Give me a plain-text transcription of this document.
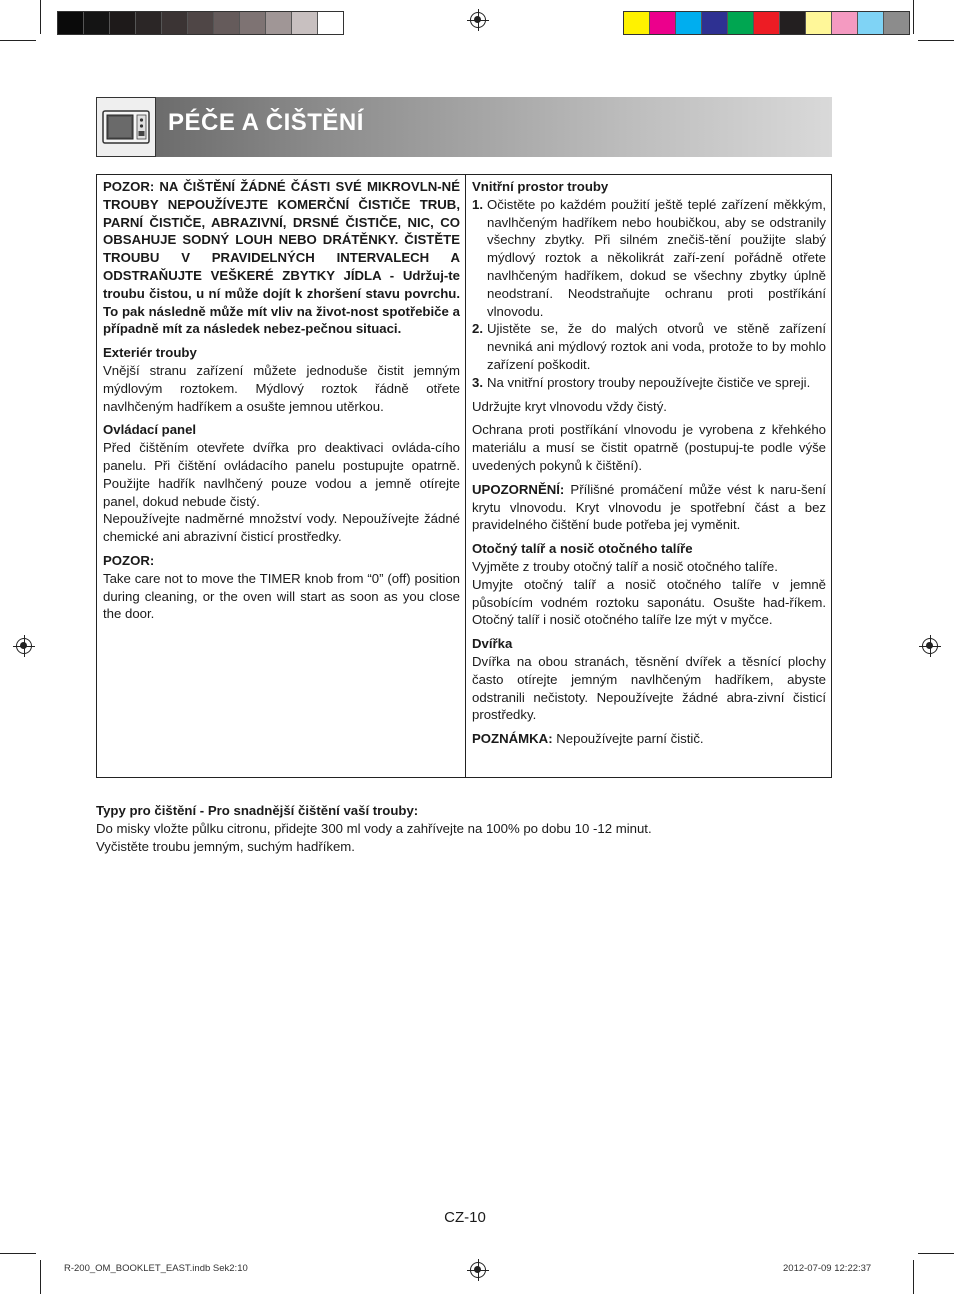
PÉČE A ČIŠTĚNÍ
POZOR: NA ČIŠTĚNÍ ŽÁDNÉ ČÁSTI SVÉ MIKROVLN-NÉ TROUBY NEPOUŽÍVEJTE KOMERČNÍ ČISTIČE TRUB, PARNÍ ČISTIČE, ABRAZIVNÍ, DRSNÉ ČISTIČE, NIC, CO OBSAHUJE SODNÝ LOUH NEBO DRÁTĚNKY. ČISTĚTE TROUBU V PRAVIDELNÝCH INTERVALECH A ODSTRAŇUJTE VEŠKERÉ ZBYTKY JÍDLA - Udržuj-te troubu čistou, u ní může dojít k zhoršení stavu povrchu. To pak následně může mít vliv na život-nost spotřebiče a případně mít za následek nebez-pečnou situaci.
Exteriér trouby
Vnější stranu zařízení můžete jednoduše čistit jemným mýdlovým roztokem. Mýdlový roztok řádně otřete navlhčeným hadříkem a osušte jemnou utěrkou.
Ovládací panel
Před čištěním otevřete dvířka pro deaktivaci ovláda-cího panelu. Při čištění ovládacího panelu postupujte opatrně. Použijte hadřík navlhčený pouze vodou a jemně otírejte panel, dokud nebude čistý.
Nepoužívejte nadměrné množství vody. Nepoužívejte žádné chemické ani abrazivní čisticí prostředky.
POZOR:
Take care not to move the TIMER knob from “0” (off) position during cleaning, or the oven will start as soon as you close the door.
Vnitřní prostor trouby
1. Očistěte po každém použití ještě teplé zařízení měkkým, navlhčeným hadříkem nebo houbičkou, aby se odstranily všechny zbytky. Při silném znečiš-tění použijte slabý mýdlový roztok a několikrát zaří-zení pořádně otřete navlhčeným hadříkem, dokud se všechny zbytky úplně neodstraní. Neodstraňujte ochranu proti postříkání vlnovodu.
2. Ujistěte se, že do malých otvorů ve stěně zařízení nevniká ani mýdlový roztok ani voda, protože to by mohlo zařízení poškodit.
3. Na vnitřní prostory trouby nepoužívejte čističe ve spreji.
Udržujte kryt vlnovodu vždy čistý.
Ochrana proti postříkání vlnovodu je vyrobena z křehkého materiálu a musí se čistit opatrně (postupuj-te podle výše uvedených pokynů k čištění).
UPOZORNĚNÍ: Přílišné promáčení může vést k naru-šení krytu vlnovodu. Kryt vlnovodu je spotřební část a bez pravidelného čištění bude potřeba jej vyměnit.
Otočný talíř a nosič otočného talíře
Vyjměte z trouby otočný talíř a nosič otočného talíře.
Umyjte otočný talíř a nosič otočného talíře v jemně působícím vodném roztoku saponátu. Osušte had-říkem. Otočný talíř i nosič otočného talíře lze mýt v myčce.
Dvířka
Dvířka na obou stranách, těsnění dvířek a těsnící plochy často otírejte jemným navlhčeným hadříkem, abyste odstranili nečistoty. Nepoužívejte žádné abra-zivní čisticí prostředky.
POZNÁMKA: Nepoužívejte parní čistič.
Typy pro čištění - Pro snadnější čištění vaší trouby:
Do misky vložte půlku citronu, přidejte 300 ml vody a zahřívejte na 100% po dobu 10 -12 minut.
Vyčistěte troubu jemným, suchým hadříkem.
CZ-10
R-200_OM_BOOKLET_EAST.indb Sek2:10	2012-07-09 12:22:37
